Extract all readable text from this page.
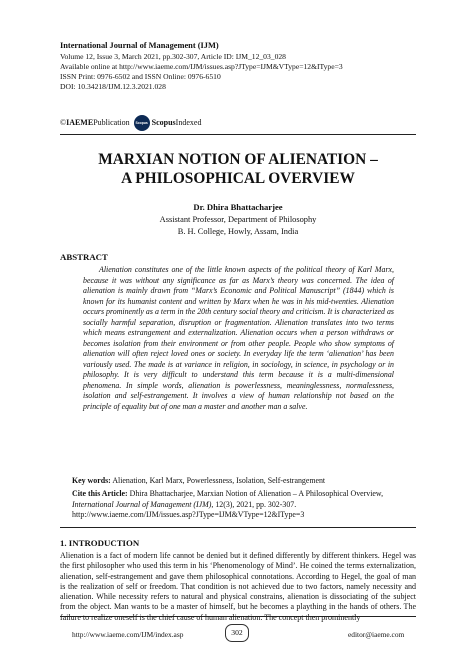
International Journal of Management (IJM)
Volume 12, Issue 3, March 2021, pp.302-307, Article ID: IJM_12_03_028
Available online at http://www.iaeme.com/IJM/issues.asp?JType=IJM&VType=12&IType=3
ISSN Print: 0976-6502 and ISSN Online: 0976-6510
DOI: 10.34218/IJM.12.3.2021.028
© IAEME Publication	Scopus Scopus Indexed
MARXIAN NOTION OF ALIENATION –
A PHILOSOPHICAL OVERVIEW
Dr. Dhira Bhattacharjee
Assistant Professor, Department of Philosophy
B. H. College, Howly, Assam, India
ABSTRACT
Alienation constitutes one of the little known aspects of the political theory of Karl Marx, because it was without any significance as far as Marx’s theory was concerned. The idea of alienation is mainly drawn from “Marx’s Economic and Political Manuscript” (1844) which is known for its humanist content and written by Marx when he was in his mid-twenties. Alienation occurs prominently as a term in the 20th century social theory and criticism. It is characterized as socially harmful separation, disruption or fragmentation. Alienation translates into two terms which means estrangement and externalization. Alienation occurs when a person withdraws or becomes isolation from their environment or from other people. People who show symptoms of alienation will often reject loved ones or society. In everyday life the term ‘alienation’ has been variously used. The made is at variance in religion, in sociology, in science, in psychology or in philosophy. It is very difficult to understand this term because it is a multi-dimensional phenomena. In simple words, alienation is powerlessness, meaninglessness, normalessness, isolation and self-estrangement. It involves a view of human relationship not based on the principle of equality but of one man a master and another man a salve.
Key words: Alienation, Karl Marx, Powerlessness, Isolation, Self-estrangement
Cite this Article: Dhira Bhattacharjee, Marxian Notion of Alienation – A Philosophical Overview, International Journal of Management (IJM), 12(3), 2021, pp. 302-307.
http://www.iaeme.com/IJM/issues.asp?JType=IJM&VType=12&IType=3
1. INTRODUCTION
Alienation is a fact of modern life cannot be denied but it defined differently by different thinkers. Hegel was the first philosopher who used this term in his ‘Phenomenology of Mind’. He coined the terms externalization, alienation, self-estrangement and gave them philosophical connotations. According to Hegel, the goal of man is the realization of self or freedom. That condition is not achieved due to two factors, namely necessity and alienation. While necessity refers to natural and physical constrains, alienation is dissociating of the subject from the object. Man wants to be a master of himself, but he becomes a plaything in the hands of others. The failure to realize oneself is the chief cause of human alienation. The concept then prominently
http://www.iaeme.com/IJM/index.asp	302	editor@iaeme.com
